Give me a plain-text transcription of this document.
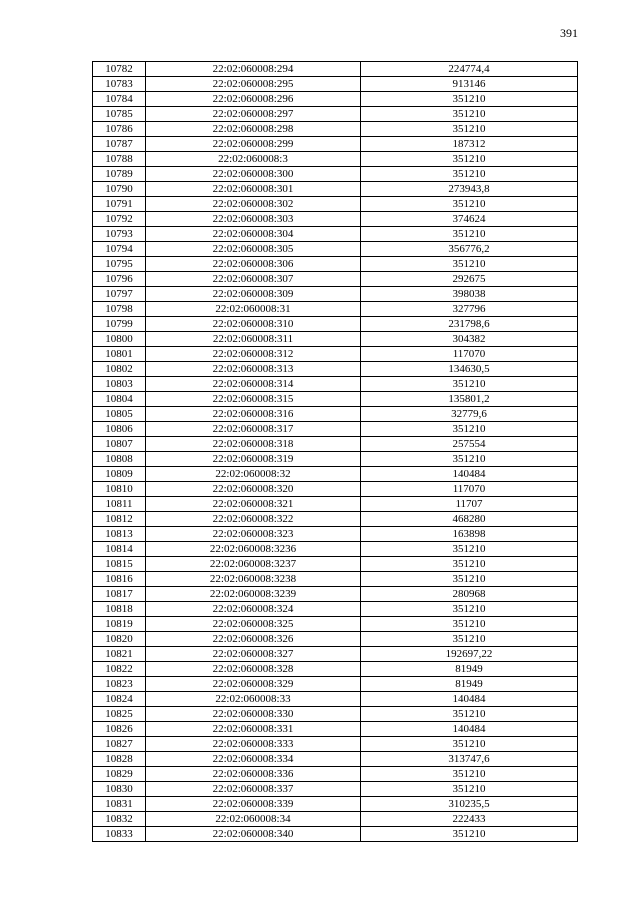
391
10782	22:02:060008:294	224774,4
10783	22:02:060008:295	913146
10784	22:02:060008:296	351210
10785	22:02:060008:297	351210
10786	22:02:060008:298	351210
10787	22:02:060008:299	187312
10788	22:02:060008:3	351210
10789	22:02:060008:300	351210
10790	22:02:060008:301	273943,8
10791	22:02:060008:302	351210
10792	22:02:060008:303	374624
10793	22:02:060008:304	351210
10794	22:02:060008:305	356776,2
10795	22:02:060008:306	351210
10796	22:02:060008:307	292675
10797	22:02:060008:309	398038
10798	22:02:060008:31	327796
10799	22:02:060008:310	231798,6
10800	22:02:060008:311	304382
10801	22:02:060008:312	117070
10802	22:02:060008:313	134630,5
10803	22:02:060008:314	351210
10804	22:02:060008:315	135801,2
10805	22:02:060008:316	32779,6
10806	22:02:060008:317	351210
10807	22:02:060008:318	257554
10808	22:02:060008:319	351210
10809	22:02:060008:32	140484
10810	22:02:060008:320	117070
10811	22:02:060008:321	11707
10812	22:02:060008:322	468280
10813	22:02:060008:323	163898
10814	22:02:060008:3236	351210
10815	22:02:060008:3237	351210
10816	22:02:060008:3238	351210
10817	22:02:060008:3239	280968
10818	22:02:060008:324	351210
10819	22:02:060008:325	351210
10820	22:02:060008:326	351210
10821	22:02:060008:327	192697,22
10822	22:02:060008:328	81949
10823	22:02:060008:329	81949
10824	22:02:060008:33	140484
10825	22:02:060008:330	351210
10826	22:02:060008:331	140484
10827	22:02:060008:333	351210
10828	22:02:060008:334	313747,6
10829	22:02:060008:336	351210
10830	22:02:060008:337	351210
10831	22:02:060008:339	310235,5
10832	22:02:060008:34	222433
10833	22:02:060008:340	351210
